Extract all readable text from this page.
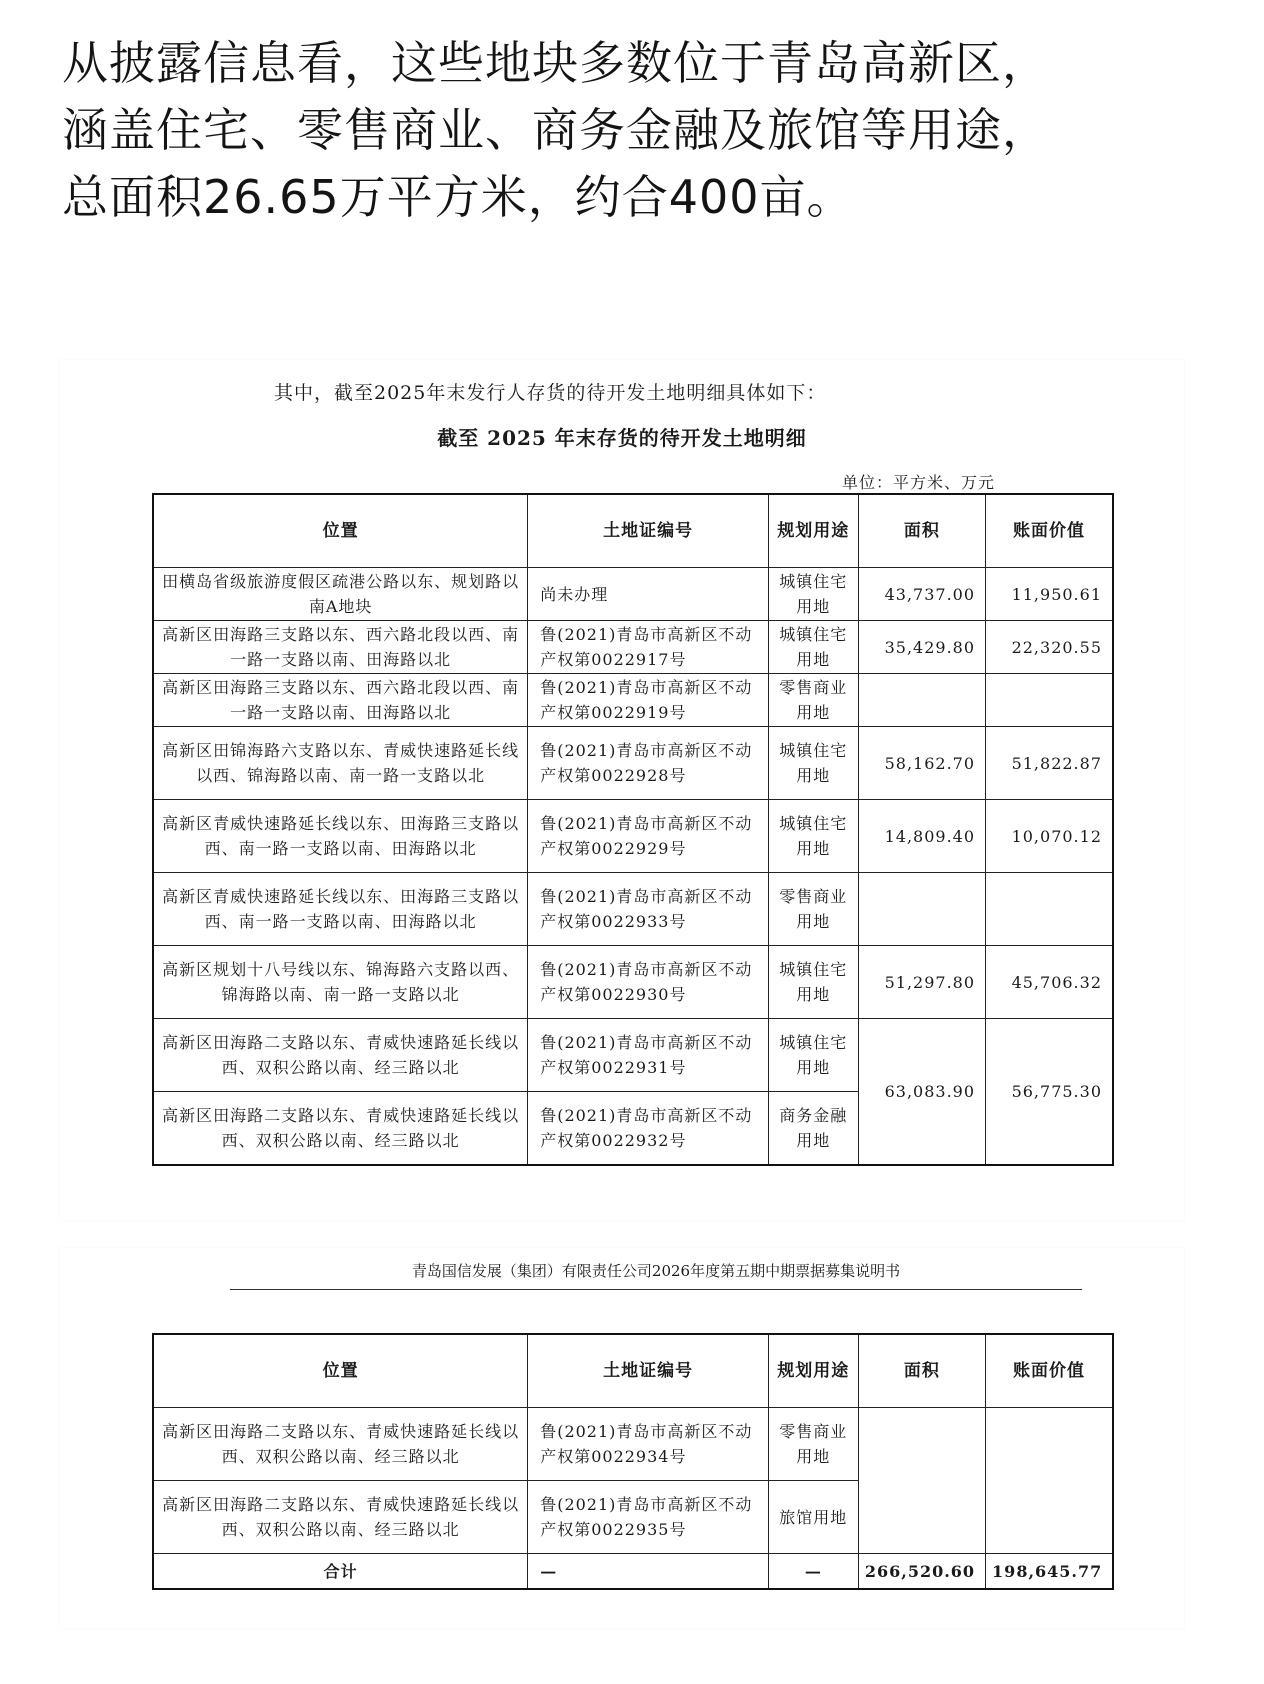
从披露信息看，这些地块多数位于青岛高新区，
涵盖住宅、零售商业、商务金融及旅馆等用途，
总面积26.65万平方米，约合400亩。
其中，截至2025年末发行人存货的待开发土地明细具体如下：
截至 2025 年末存货的待开发土地明细
单位：平方米、万元
位置	土地证编号	规划用途	面积	账面价值
田横岛省级旅游度假区疏港公路以东、规划路以南A地块	尚未办理	城镇住宅用地	43,737.00	11,950.61
高新区田海路三支路以东、西六路北段以西、南一路一支路以南、田海路以北	鲁(2021)青岛市高新区不动产权第0022917号	城镇住宅用地	35,429.80	22,320.55
高新区田海路三支路以东、西六路北段以西、南一路一支路以南、田海路以北	鲁(2021)青岛市高新区不动产权第0022919号	零售商业用地		
高新区田锦海路六支路以东、青威快速路延长线以西、锦海路以南、南一路一支路以北	鲁(2021)青岛市高新区不动产权第0022928号	城镇住宅用地	58,162.70	51,822.87
高新区青威快速路延长线以东、田海路三支路以西、南一路一支路以南、田海路以北	鲁(2021)青岛市高新区不动产权第0022929号	城镇住宅用地	14,809.40	10,070.12
高新区青威快速路延长线以东、田海路三支路以西、南一路一支路以南、田海路以北	鲁(2021)青岛市高新区不动产权第0022933号	零售商业用地		
高新区规划十八号线以东、锦海路六支路以西、锦海路以南、南一路一支路以北	鲁(2021)青岛市高新区不动产权第0022930号	城镇住宅用地	51,297.80	45,706.32
高新区田海路二支路以东、青威快速路延长线以西、双积公路以南、经三路以北	鲁(2021)青岛市高新区不动产权第0022931号	城镇住宅用地	63,083.90	56,775.30
高新区田海路二支路以东、青威快速路延长线以西、双积公路以南、经三路以北	鲁(2021)青岛市高新区不动产权第0022932号	商务金融用地		
青岛国信发展（集团）有限责任公司2026年度第五期中期票据募集说明书
位置	土地证编号	规划用途	面积	账面价值
高新区田海路二支路以东、青威快速路延长线以西、双积公路以南、经三路以北	鲁(2021)青岛市高新区不动产权第0022934号	零售商业用地		
高新区田海路二支路以东、青威快速路延长线以西、双积公路以南、经三路以北	鲁(2021)青岛市高新区不动产权第0022935号	旅馆用地		
合计	—	—	266,520.60	198,645.77
